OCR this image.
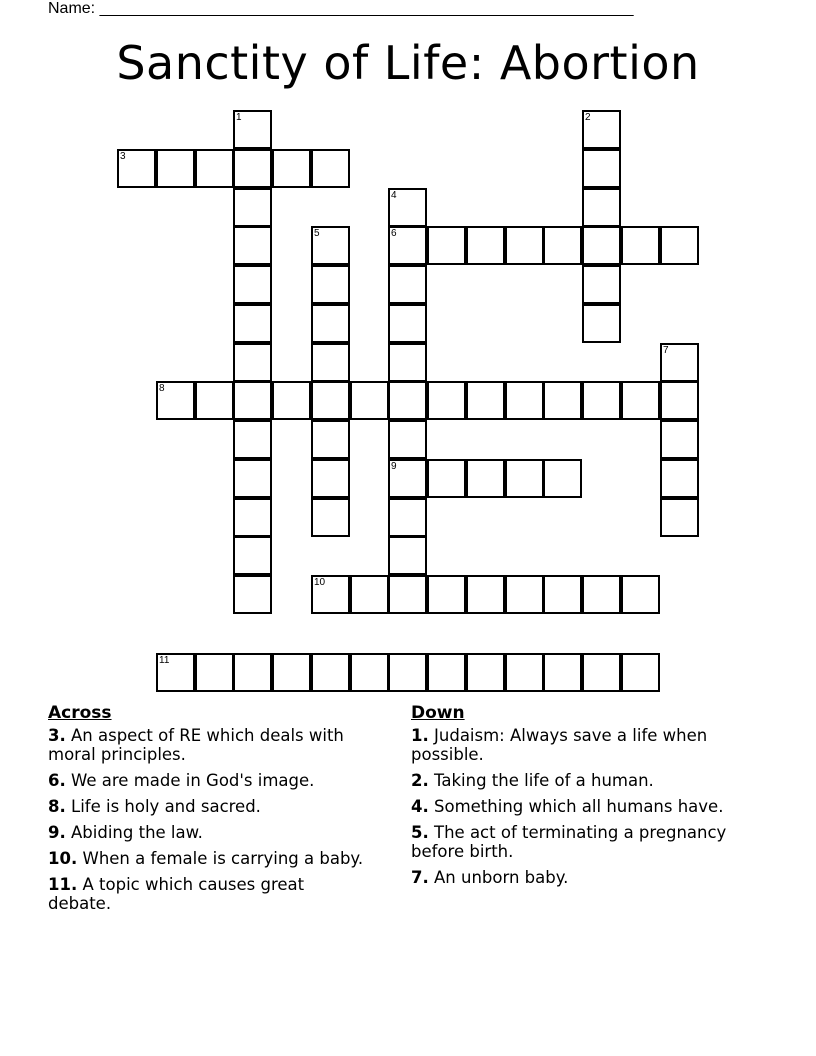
Name: ____________________________________________________________
Sanctity of Life: Abortion
1	2
3
4
6
9
5
7
8
10
11
Across
3. An aspect of RE which deals with moral principles.
6. We are made in God's image.
8. Life is holy and sacred.
9. Abiding the law.
10. When a female is carrying a baby.
11. A topic which causes great debate.
Down
1. Judaism: Always save a life when possible.
2. Taking the life of a human.
4. Something which all humans have.
5. The act of terminating a pregnancy before birth.
7. An unborn baby.
